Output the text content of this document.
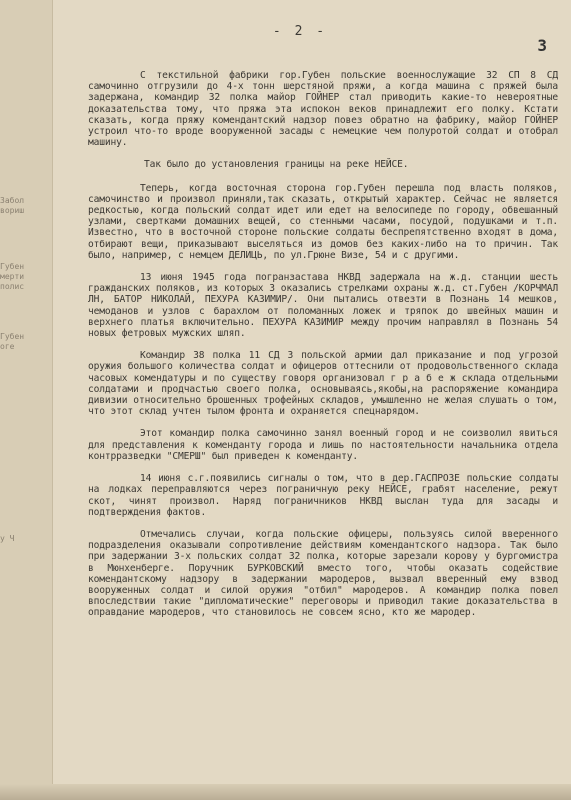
Забол
вориш
Губен
мерти
полис
Губен
оге
у Ч
- 2 -
3

С текстильной фабрики гор.Губен польские военнослужащие 32 СП 8 СД самочинно отгрузили до 4-х тонн шерстяной пряжи, а когда машина с пряжей была задержана, командир 32 полка майор ГОЙНЕР стал приводить какие-то невероятные доказательства тому, что пряжа эта испокон веков принадлежит его полку. Кстати сказать, когда пряжу комендантский надзор повез обратно на фабрику, майор ГОЙНЕР устроил что-то вроде вооруженной засады с немецкие чем полуротой солдат и отобрал машину.

Так было до установления границы на реке НЕЙСЕ.

Теперь, когда восточная сторона гор.Губен перешла под власть поляков, самочинство и произвол приняли,так сказать, открытый характер. Сейчас не является редкостью, когда польский солдат идет или едет на велосипеде по городу, обвешанный узлами, свертками домашних вещей, со стенными часами, посудой, подушками и т.п. Известно, что в восточной стороне польские солдаты беспрепятственно входят в дома, отбирают вещи, приказывают выселяться из домов без каких-либо на то причин. Так было, например, с немцем ДЕЛИЦЬ, по ул.Грюне Визе, 54 и с другими.

13 июня 1945 года погранзастава НКВД задержала на ж.д. станции шесть гражданских поляков, из которых 3 оказались стрелками охраны ж.д. ст.Губен /КОРЧМАЛ ЛН, БАТОР НИКОЛАЙ, ПЕХУРА КАЗИМИР/. Они пытались отвезти в Познань 14 мешков, чемоданов и узлов с барахлом от поломанных ложек и тряпок до швейных машин и верхнего платья включительно. ПЕХУРА КАЗИМИР между прочим направлял в Познань 54 новых фетровых мужских шляп.

Командир 38 полка 11 СД 3 польской армии дал приказание и под угрозой оружия большого количества солдат и офицеров оттеснили от продовольственного склада часовых комендатуры и по существу говоря организовал г р а б е ж склада отдельными солдатами и продчастью своего полка, основываясь,якобы,на распоряжение командира дивизии относительно брошенных трофейных складов, умышленно не желая слушать о том, что этот склад учтен тылом фронта и охраняется спецнарядом.

Этот командир полка самочинно занял военный город и не соизволил явиться для представления к коменданту города и лишь по настоятельности начальника отдела контрразведки "СМЕРШ" был приведен к коменданту.

14 июня с.г.появились сигналы о том, что в дер.ГАСПРОЗЕ польские солдаты на лодках переправляются через пограничную реку НЕЙСЕ, грабят население, режут скот, чинят произвол. Наряд пограничников НКВД выслан туда для засады и подтверждения фактов.

Отмечались случаи, когда польские офицеры, пользуясь силой вверенного подразделения оказывали сопротивление действиям комендантского надзора. Так было при задержании 3-х польских солдат 32 полка, которые зарезали корову у бургомистра в Мюнхенберге. Поручник БУРКОВСКИЙ вместо того, чтобы оказать содействие комендантскому надзору в задержании мародеров, вызвал вверенный ему взвод вооруженных солдат и силой оружия "отбил" мародеров. А командир полка повел впоследствии такие "дипломатические" переговоры и приводил такие доказательства в оправдание мародеров, что становилось не совсем ясно, кто же мародер.
